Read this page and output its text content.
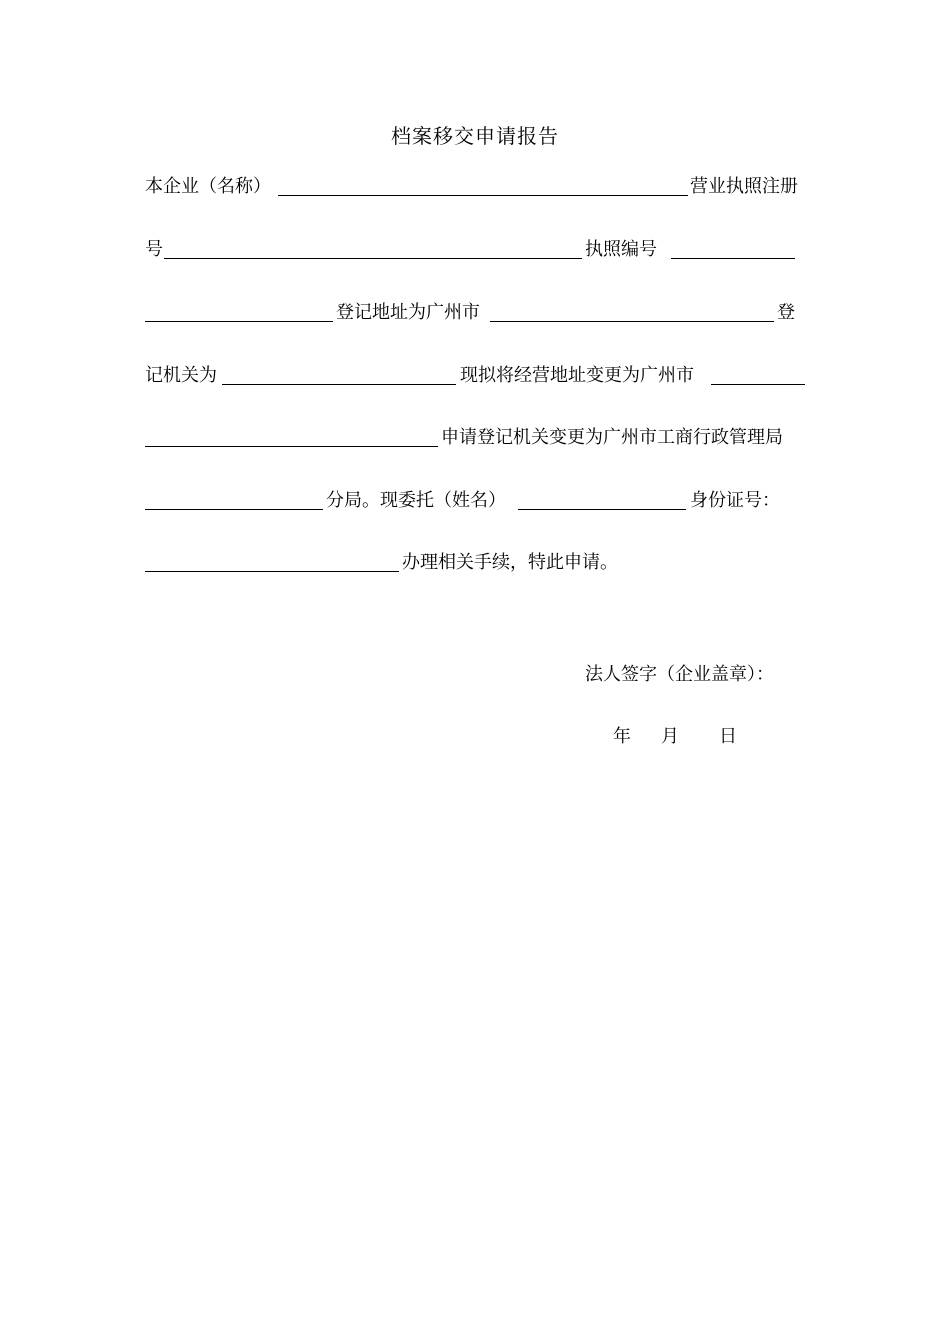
档案移交申请报告
本企业（名称）	营业执照注册
号	执照编号
登记地址为广州市	登
记机关为	现拟将经营地址变更为广州市
申请登记机关变更为广州市工商行政管理局
分局。现委托（姓名）	身份证号：
办理相关手续，特此申请。
法人签字（企业盖章）：
年 月 日
